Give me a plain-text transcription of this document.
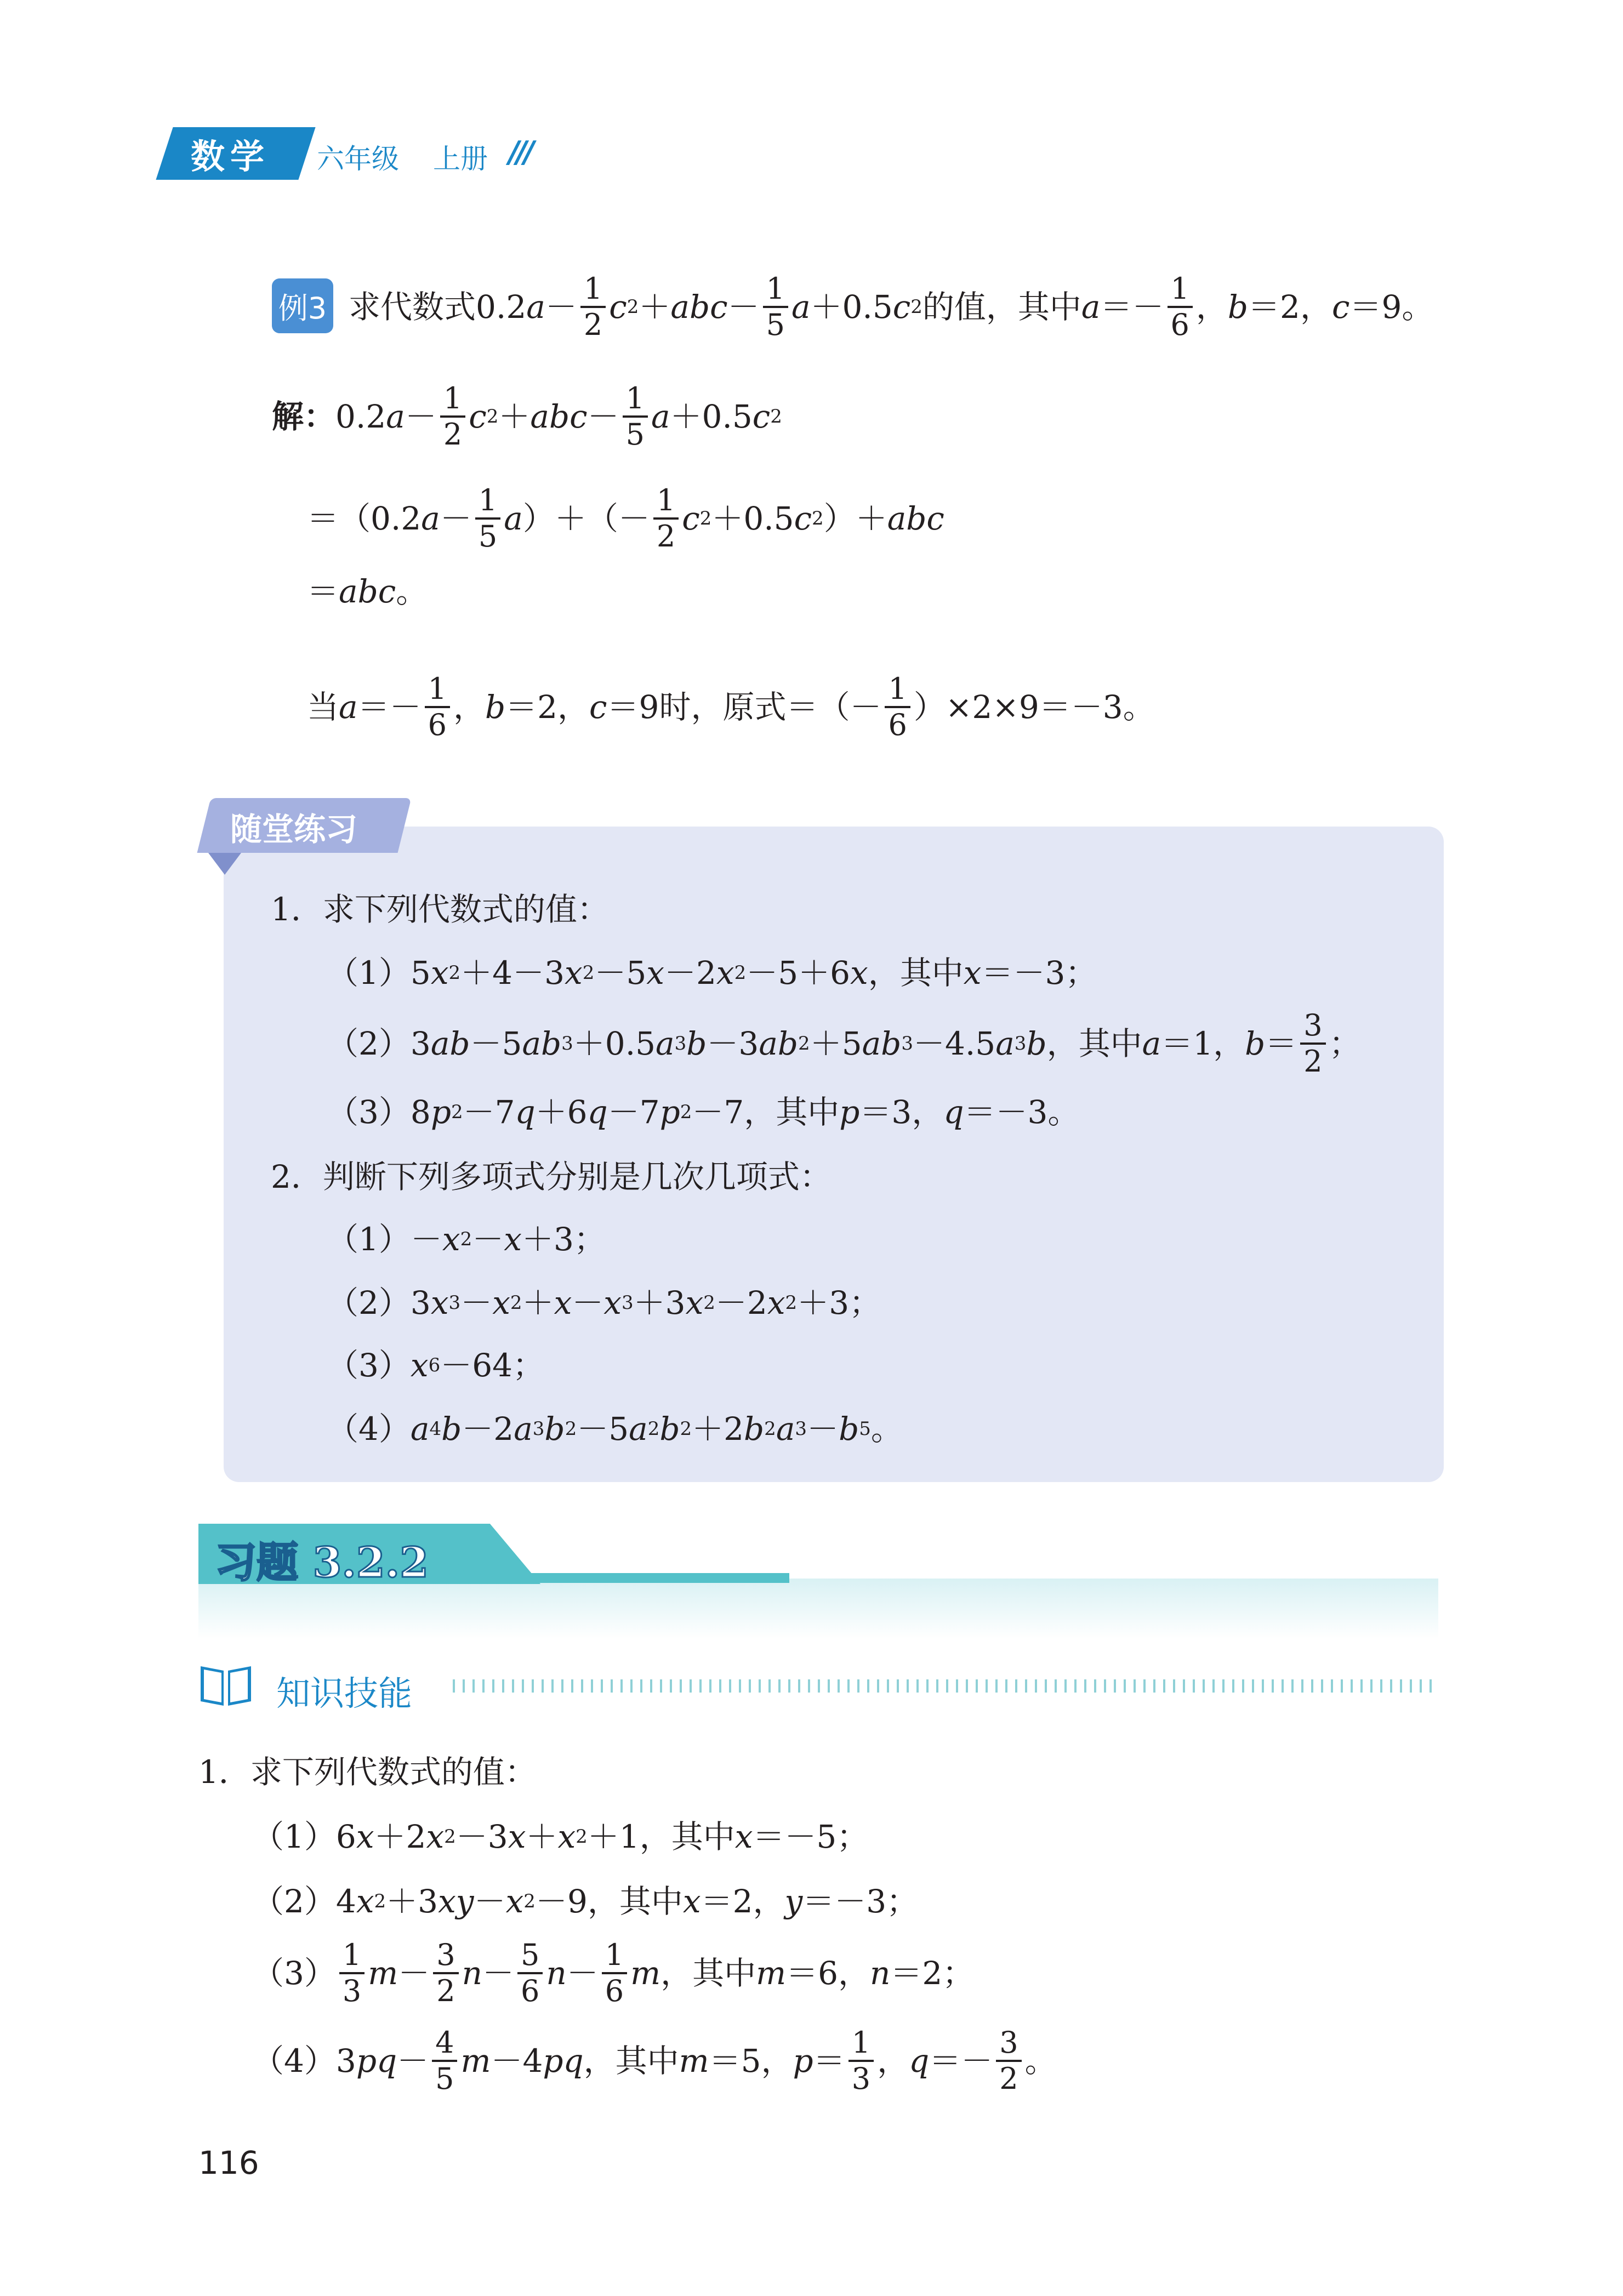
数学 六年级 上册 ///
例3 求代数式0.2 $a - \frac{1}{2}$ c 2 ＋ abc － $\frac{1}{5}$ a ＋0.5 c 2 的值，其中 $a =- \frac{1}{6}$ ， b ＝2， c ＝9。
解： 0.2 $a - \frac{1}{2}$ c 2 ＋ abc － $\frac{1}{5}$ a ＋0.5 c 2
＝（0.2 $a - \frac{1}{5}$ a ）＋（－ $\frac{1}{2}$ c 2 ＋0.5 c 2 ）＋ abc
＝ abc 。
当 $a =- \frac{1}{6}$ ， b ＝2， c ＝9 时，原式＝（－ $\frac{1}{6} )\times 2\times 9=-3$。
随堂练习
1．求下列代数式的值：
（1）5 x 2 ＋4－3 x 2 －5 x －2 x 2 －5＋6 x ，其中 x ＝－3；
（2）3 ab －5 ab 3 ＋0.5 a 3 b －3 ab 2 ＋5 ab 3 －4.5 a 3 b ，其中 a ＝1， $b = \frac{3}{2}$ ；
（3）8 p 2 －7 q ＋6 q －7 p 2 －7，其中 p ＝3， q ＝－3。
2．判断下列多项式分别是几次几项式：
（1）－ x 2 － x ＋3；
（2）3 x 3 － x 2 ＋ x － x 3 ＋3 x 2 －2 x 2 ＋3；
（3） x 6 －64；
（4） a 4 b －2 a 3 b 2 －5 a 2 b 2 ＋2 b 2 a 3 － b 5 。
习题 3.2.2
知识技能
1．求下列代数式的值：
（1）6 x ＋2 x 2 －3 x ＋ x 2 ＋1，其中 x ＝－5；
（2）4 x 2 ＋3 xy － x 2 －9，其中 x ＝2， y ＝－3；
$(3) \frac{1}{3}$ $m - \frac{3}{2}$ $n - \frac{5}{6}$ $n - \frac{1}{6}$ m ，其中 m ＝6， n ＝2；
（4）3 pq － $\frac{4}{5}$ m －4 pq ，其中 m ＝5， $p = \frac{1}{3}$ ， $q =- \frac{3}{2}$ 。
116
